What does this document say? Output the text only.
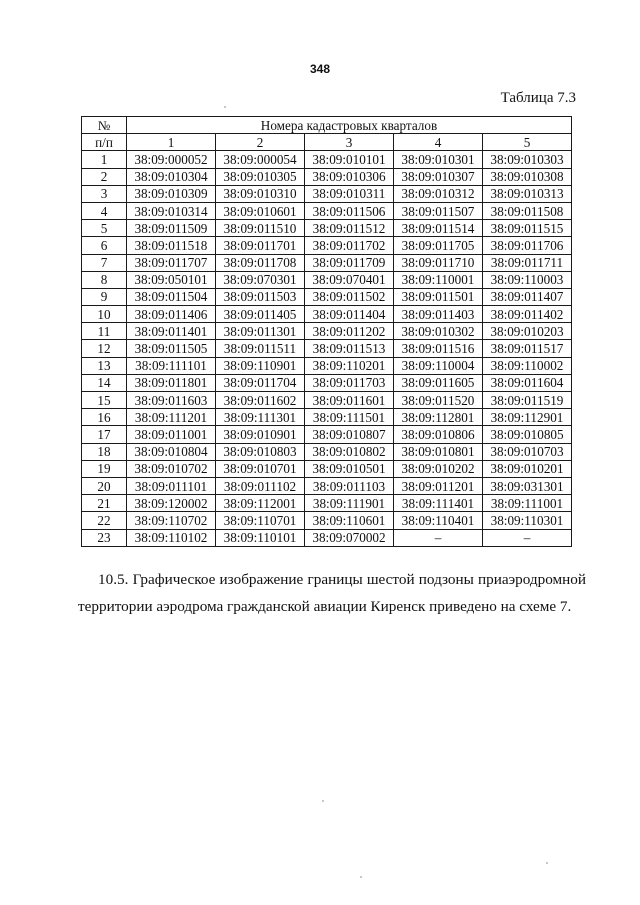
348
Таблица 7.3
№	Номера кадастровых кварталов				
п/п	1	2	3	4	5
1	38:09:000052	38:09:000054	38:09:010101	38:09:010301	38:09:010303
2	38:09:010304	38:09:010305	38:09:010306	38:09:010307	38:09:010308
3	38:09:010309	38:09:010310	38:09:010311	38:09:010312	38:09:010313
4	38:09:010314	38:09:010601	38:09:011506	38:09:011507	38:09:011508
5	38:09:011509	38:09:011510	38:09:011512	38:09:011514	38:09:011515
6	38:09:011518	38:09:011701	38:09:011702	38:09:011705	38:09:011706
7	38:09:011707	38:09:011708	38:09:011709	38:09:011710	38:09:011711
8	38:09:050101	38:09:070301	38:09:070401	38:09:110001	38:09:110003
9	38:09:011504	38:09:011503	38:09:011502	38:09:011501	38:09:011407
10	38:09:011406	38:09:011405	38:09:011404	38:09:011403	38:09:011402
11	38:09:011401	38:09:011301	38:09:011202	38:09:010302	38:09:010203
12	38:09:011505	38:09:011511	38:09:011513	38:09:011516	38:09:011517
13	38:09:111101	38:09:110901	38:09:110201	38:09:110004	38:09:110002
14	38:09:011801	38:09:011704	38:09:011703	38:09:011605	38:09:011604
15	38:09:011603	38:09:011602	38:09:011601	38:09:011520	38:09:011519
16	38:09:111201	38:09:111301	38:09:111501	38:09:112801	38:09:112901
17	38:09:011001	38:09:010901	38:09:010807	38:09:010806	38:09:010805
18	38:09:010804	38:09:010803	38:09:010802	38:09:010801	38:09:010703
19	38:09:010702	38:09:010701	38:09:010501	38:09:010202	38:09:010201
20	38:09:011101	38:09:011102	38:09:011103	38:09:011201	38:09:031301
21	38:09:120002	38:09:112001	38:09:111901	38:09:111401	38:09:111001
22	38:09:110702	38:09:110701	38:09:110601	38:09:110401	38:09:110301
23	38:09:110102	38:09:110101	38:09:070002	–	–
10.5. Графическое изображение границы шестой подзоны приаэродромной территории аэродрома гражданской авиации Киренск приведено на схеме 7.
